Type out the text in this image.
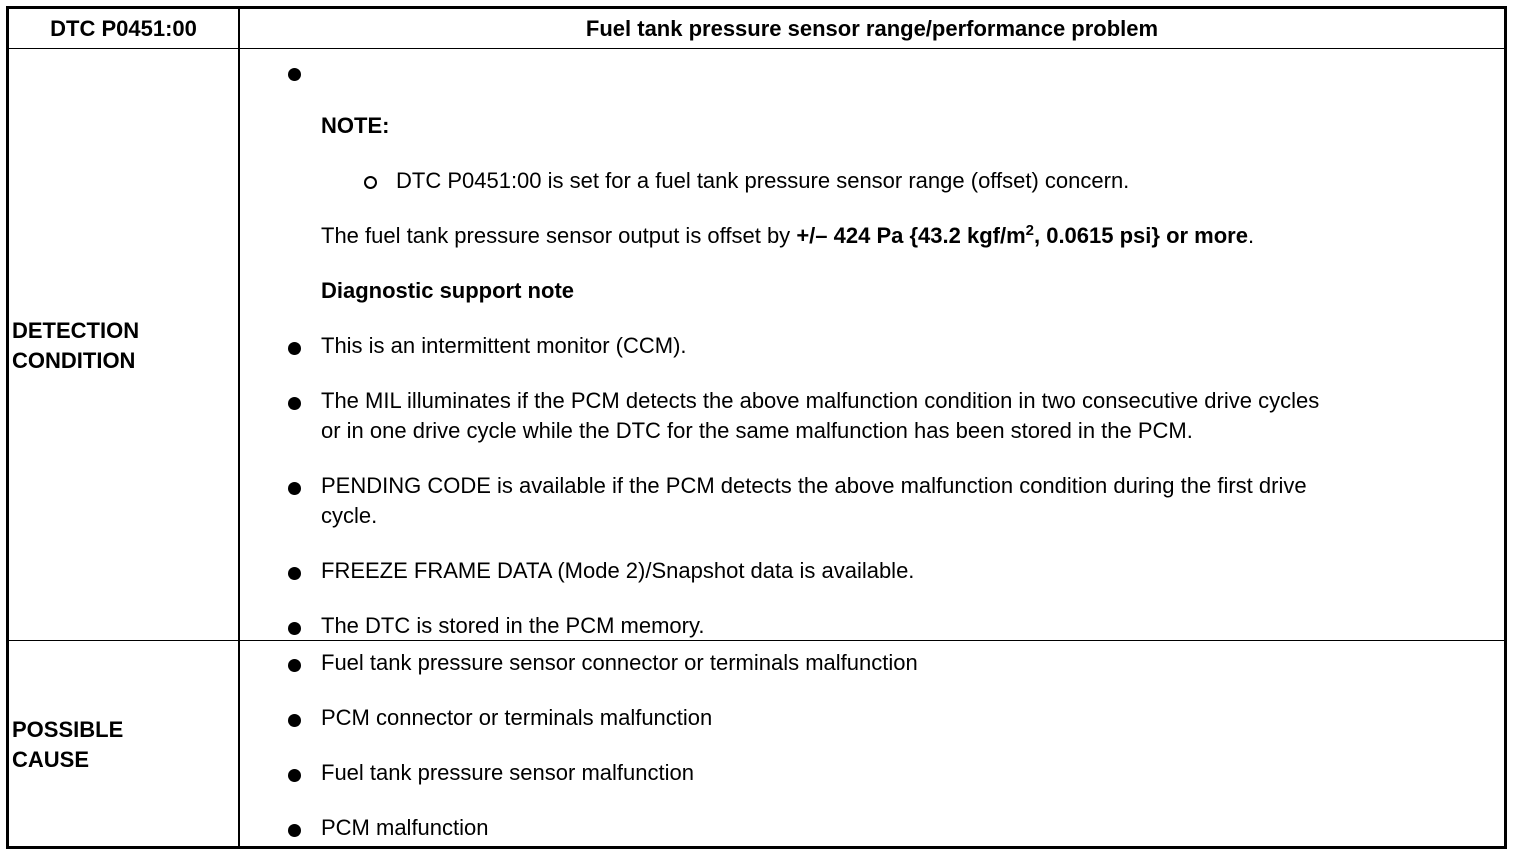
DTC P0451:00	Fuel tank pressure sensor range/performance problem
DETECTION
CONDITION
NOTE:
DTC P0451:00 is set for a fuel tank pressure sensor range (offset) concern.
The fuel tank pressure sensor output is offset by +/– 424 Pa {43.2 kgf/$m^2$, 0.0615 psi} or more.
Diagnostic support note
This is an intermittent monitor (CCM).
The MIL illuminates if the PCM detects the above malfunction condition in two consecutive drive cycles
or in one drive cycle while the DTC for the same malfunction has been stored in the PCM.
PENDING CODE is available if the PCM detects the above malfunction condition during the first drive
cycle.
FREEZE FRAME DATA (Mode 2)/Snapshot data is available.
The DTC is stored in the PCM memory.
POSSIBLE
CAUSE
Fuel tank pressure sensor connector or terminals malfunction
PCM connector or terminals malfunction
Fuel tank pressure sensor malfunction
PCM malfunction
